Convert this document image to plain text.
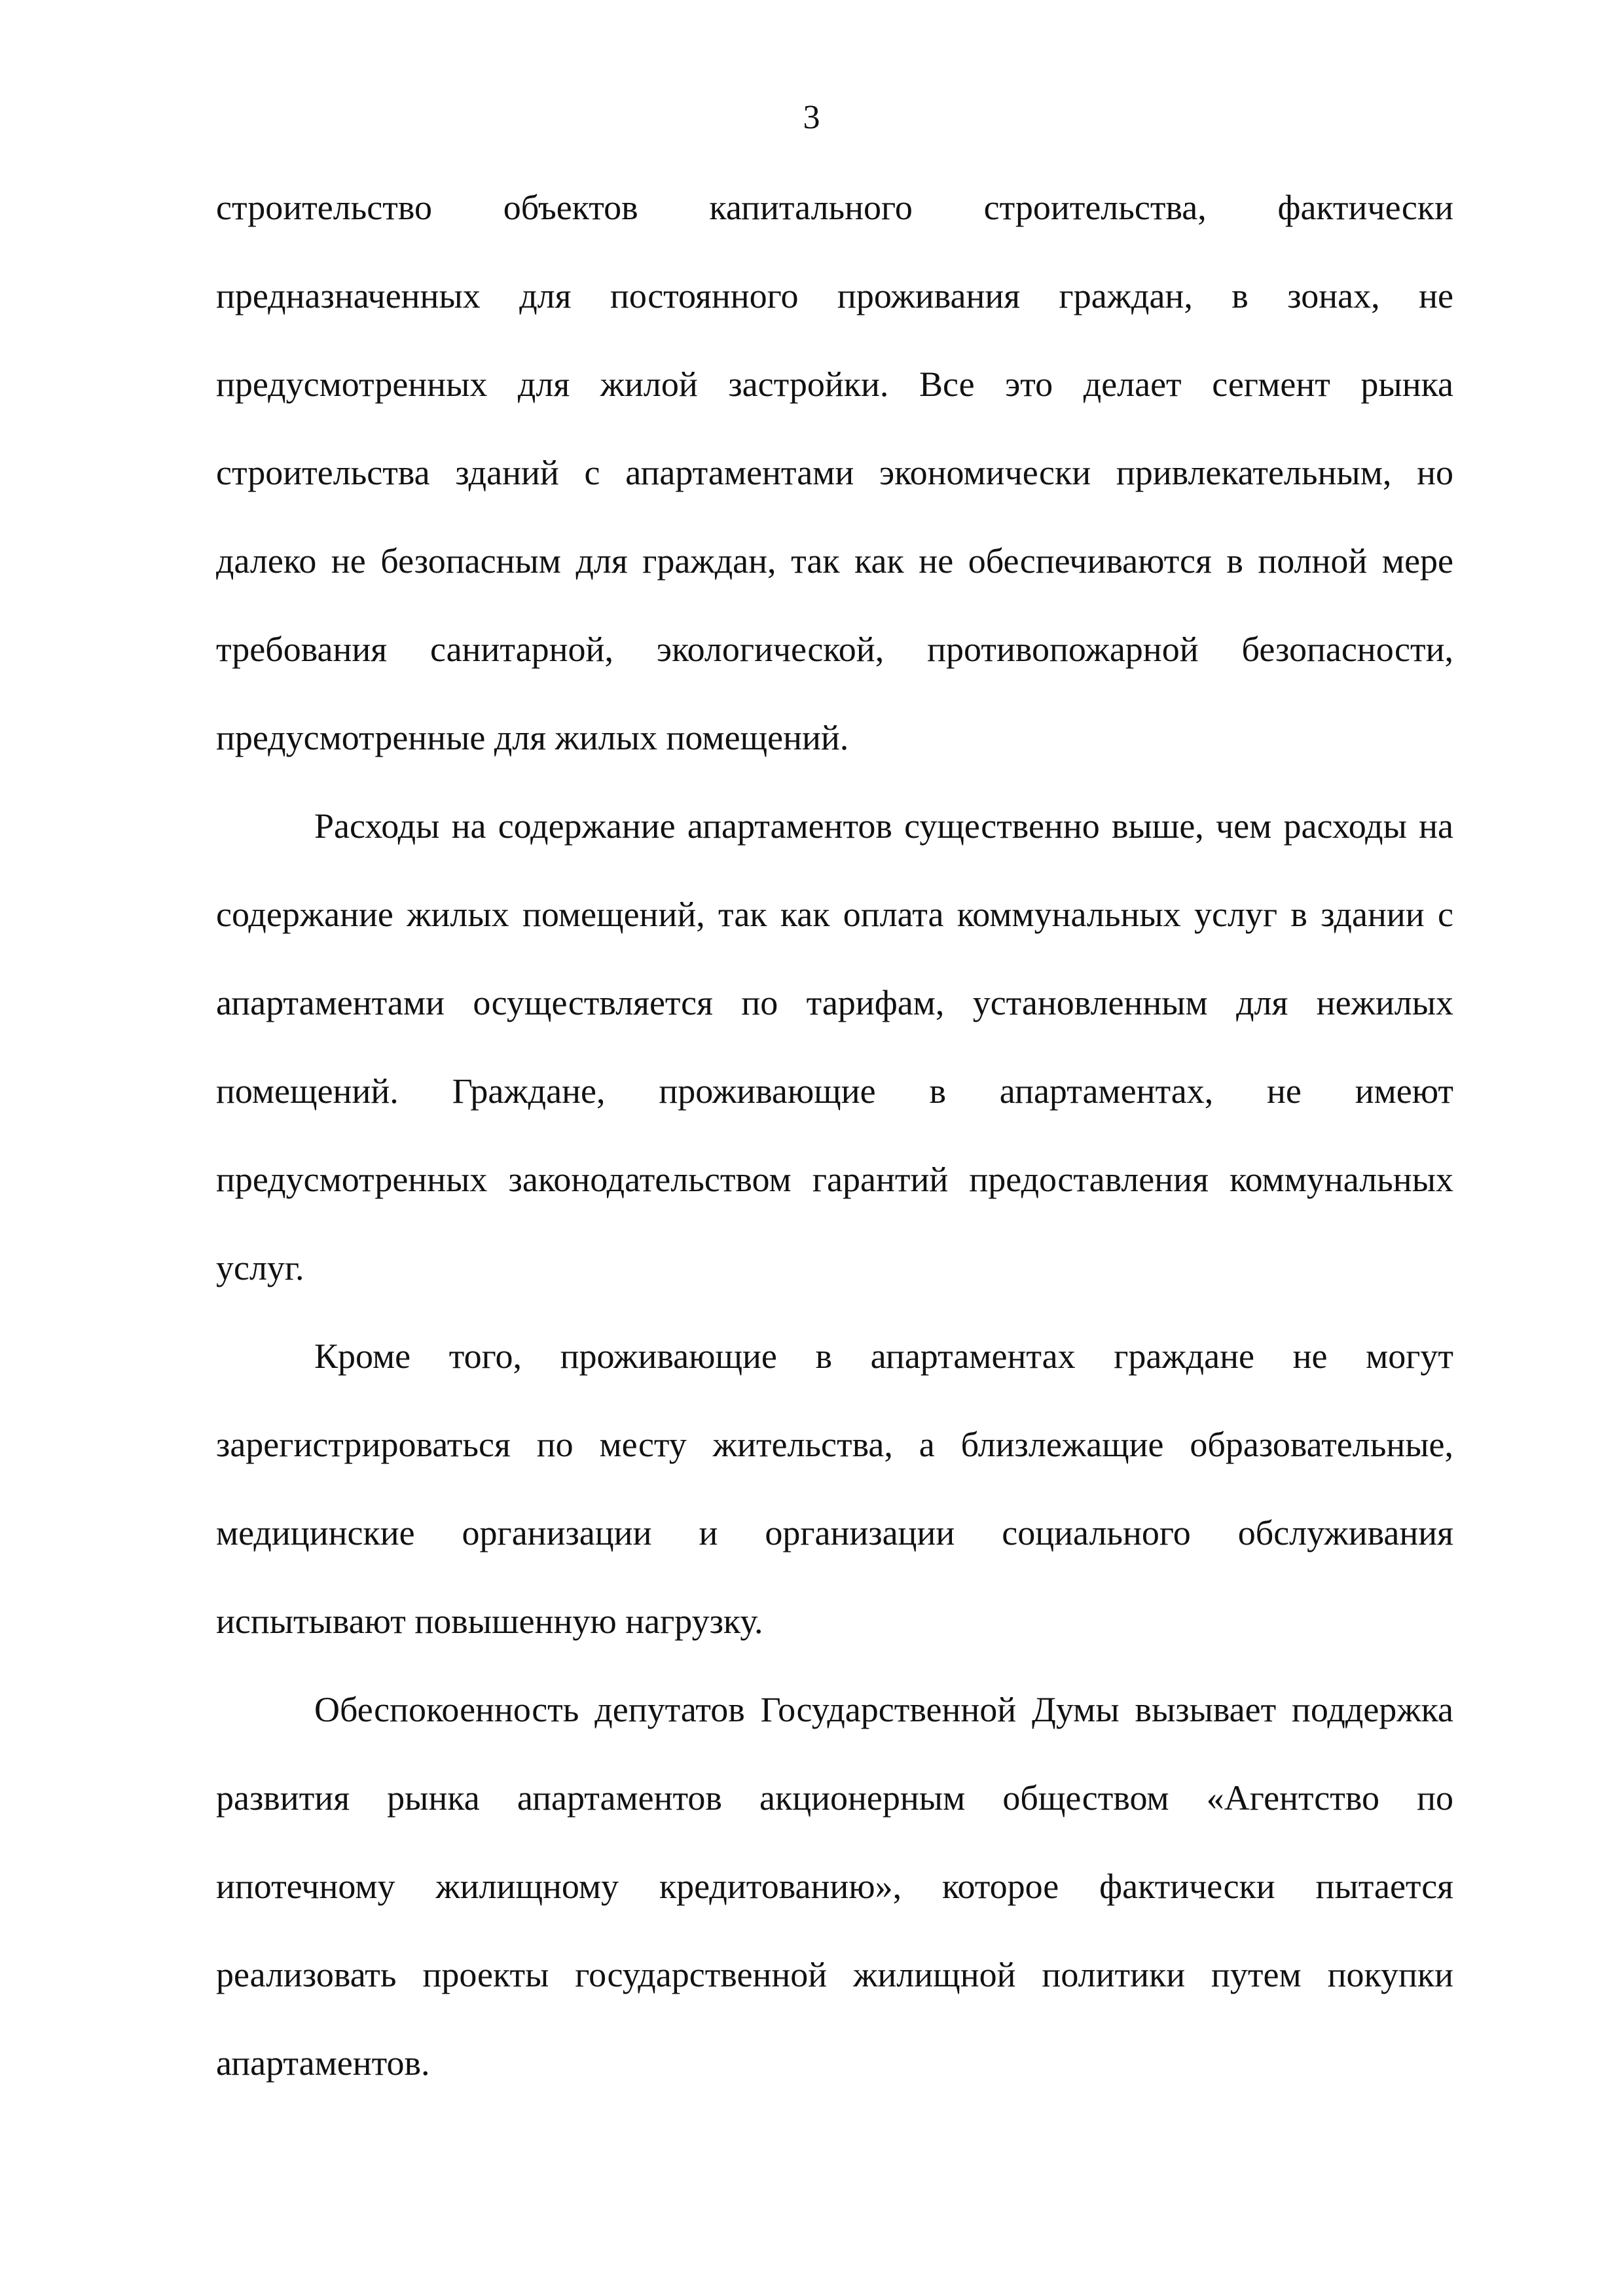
3

строительство объектов капитального строительства, фактически предназначенных для постоянного проживания граждан, в зонах, не предусмотренных для жилой застройки. Все это делает сегмент рынка строительства зданий с апартаментами экономически привлекательным, но далеко не безопасным для граждан, так как не обеспечиваются в полной мере требования санитарной, экологической, противопожарной безопасности, предусмотренные для жилых помещений.

Расходы на содержание апартаментов существенно выше, чем расходы на содержание жилых помещений, так как оплата коммунальных услуг в здании с апартаментами осуществляется по тарифам, установленным для нежилых помещений. Граждане, проживающие в апартаментах, не имеют предусмотренных законодательством гарантий предоставления коммунальных услуг.

Кроме того, проживающие в апартаментах граждане не могут зарегистрироваться по месту жительства, а близлежащие образовательные, медицинские организации и организации социального обслуживания испытывают повышенную нагрузку.

Обеспокоенность депутатов Государственной Думы вызывает поддержка развития рынка апартаментов акционерным обществом «Агентство по ипотечному жилищному кредитованию», которое фактически пытается реализовать проекты государственной жилищной политики путем покупки апартаментов.
